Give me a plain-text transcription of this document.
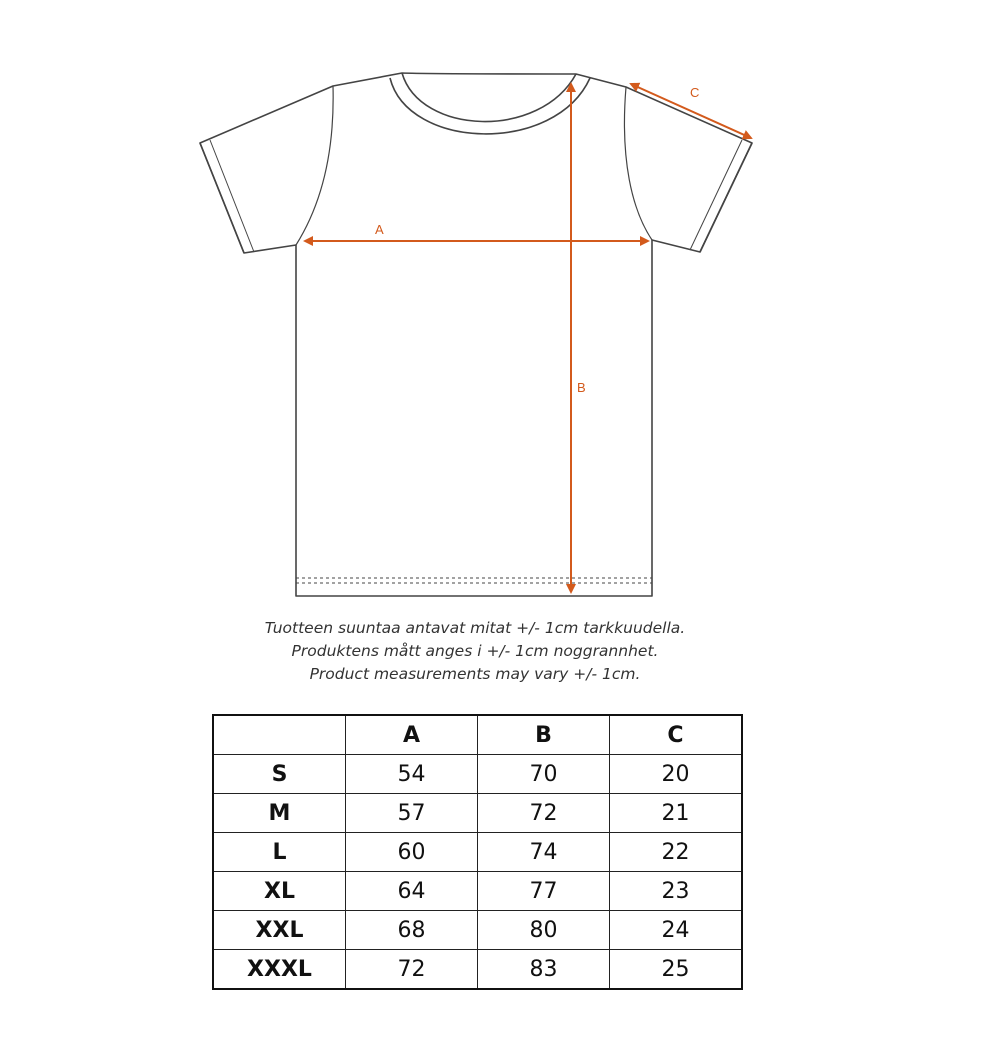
A
B
C
Tuotteen suuntaa antavat mitat +/- 1cm tarkkuudella.
Produktens mått anges i +/- 1cm noggrannhet.
Product measurements may vary +/- 1cm.
	A	B	C
S	54	70	20
M	57	72	21
L	60	74	22
XL	64	77	23
XXL	68	80	24
XXXL	72	83	25
